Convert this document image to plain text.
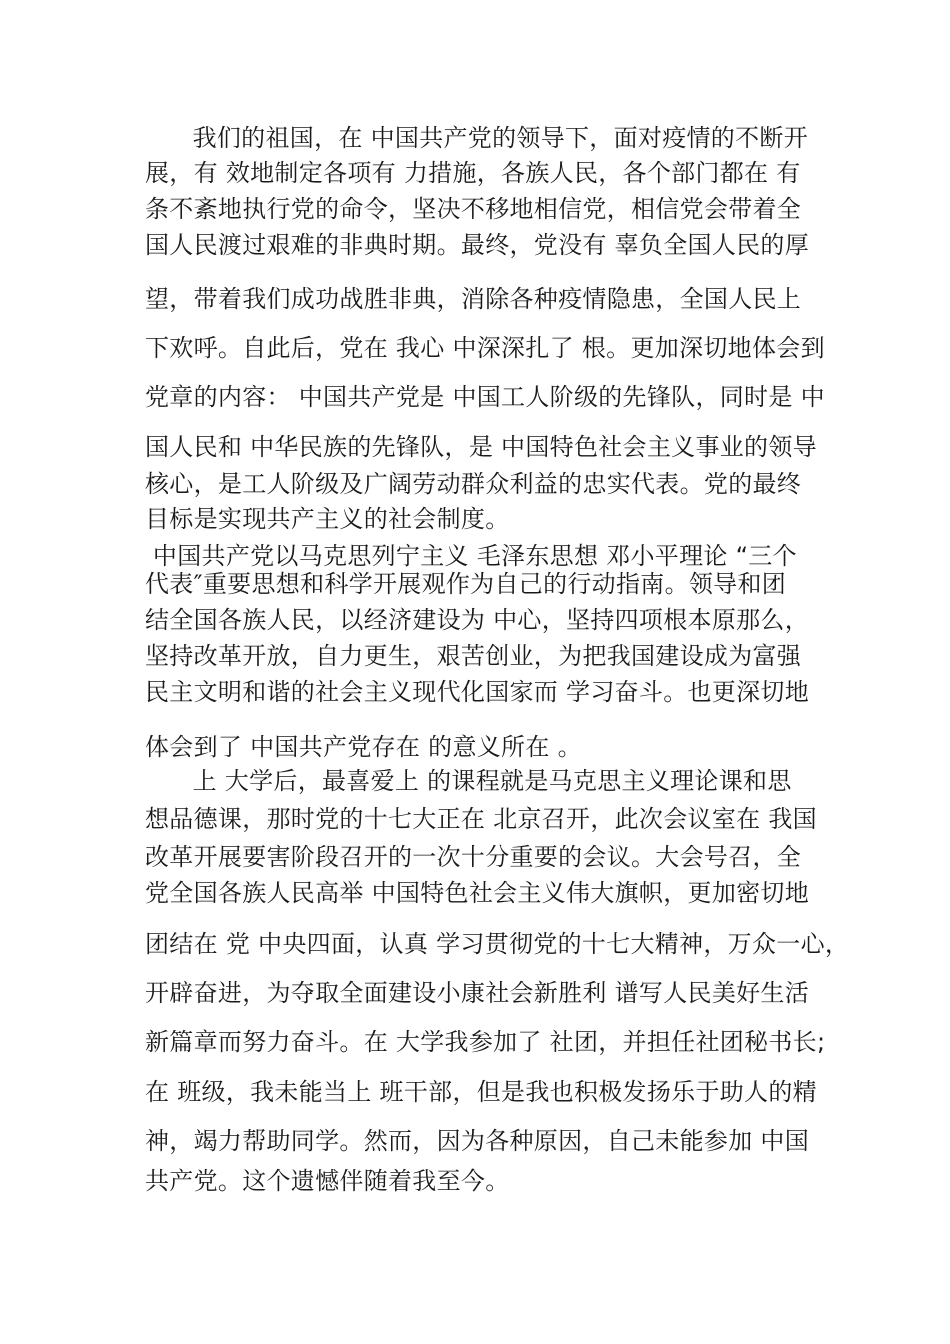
我们的祖国，在 中国共产党的领导下，面对疫情的不断开
展，有 效地制定各项有 力措施，各族人民，各个部门都在 有
条不紊地执行党的命令，坚决不移地相信党，相信党会带着全
国人民渡过艰难的非典时期。最终，党没有 辜负全国人民的厚
望，带着我们成功战胜非典，消除各种疫情隐患，全国人民上
下欢呼。自此后，党在 我心 中深深扎了 根。更加深切地体会到
党章的内容： 中国共产党是 中国工人阶级的先锋队，同时是 中
国人民和 中华民族的先锋队，是 中国特色社会主义事业的领导
核心，是工人阶级及广阔劳动群众利益的忠实代表。党的最终
目标是实现共产主义的社会制度。
中国共产党以马克思列宁主义 毛泽东思想 邓小平理论 “三个
代表″重要思想和科学开展观作为自己的行动指南。领导和团
结全国各族人民，以经济建设为 中心，坚持四项根本原那么，
坚持改革开放，自力更生，艰苦创业，为把我国建设成为富强
民主文明和谐的社会主义现代化国家而 学习奋斗。也更深切地
体会到了 中国共产党存在 的意义所在 。
上 大学后，最喜爱上 的课程就是马克思主义理论课和思
想品德课，那时党的十七大正在 北京召开，此次会议室在 我国
改革开展要害阶段召开的一次十分重要的会议。大会号召，全
党全国各族人民高举 中国特色社会主义伟大旗帜，更加密切地
团结在 党 中央四面，认真 学习贯彻党的十七大精神，万众一心，
开辟奋进，为夺取全面建设小康社会新胜利 谱写人民美好生活
新篇章而努力奋斗。在 大学我参加了 社团，并担任社团秘书长;
在 班级，我未能当上 班干部，但是我也积极发扬乐于助人的精
神，竭力帮助同学。然而，因为各种原因，自己未能参加 中国
共产党。这个遗憾伴随着我至今。
